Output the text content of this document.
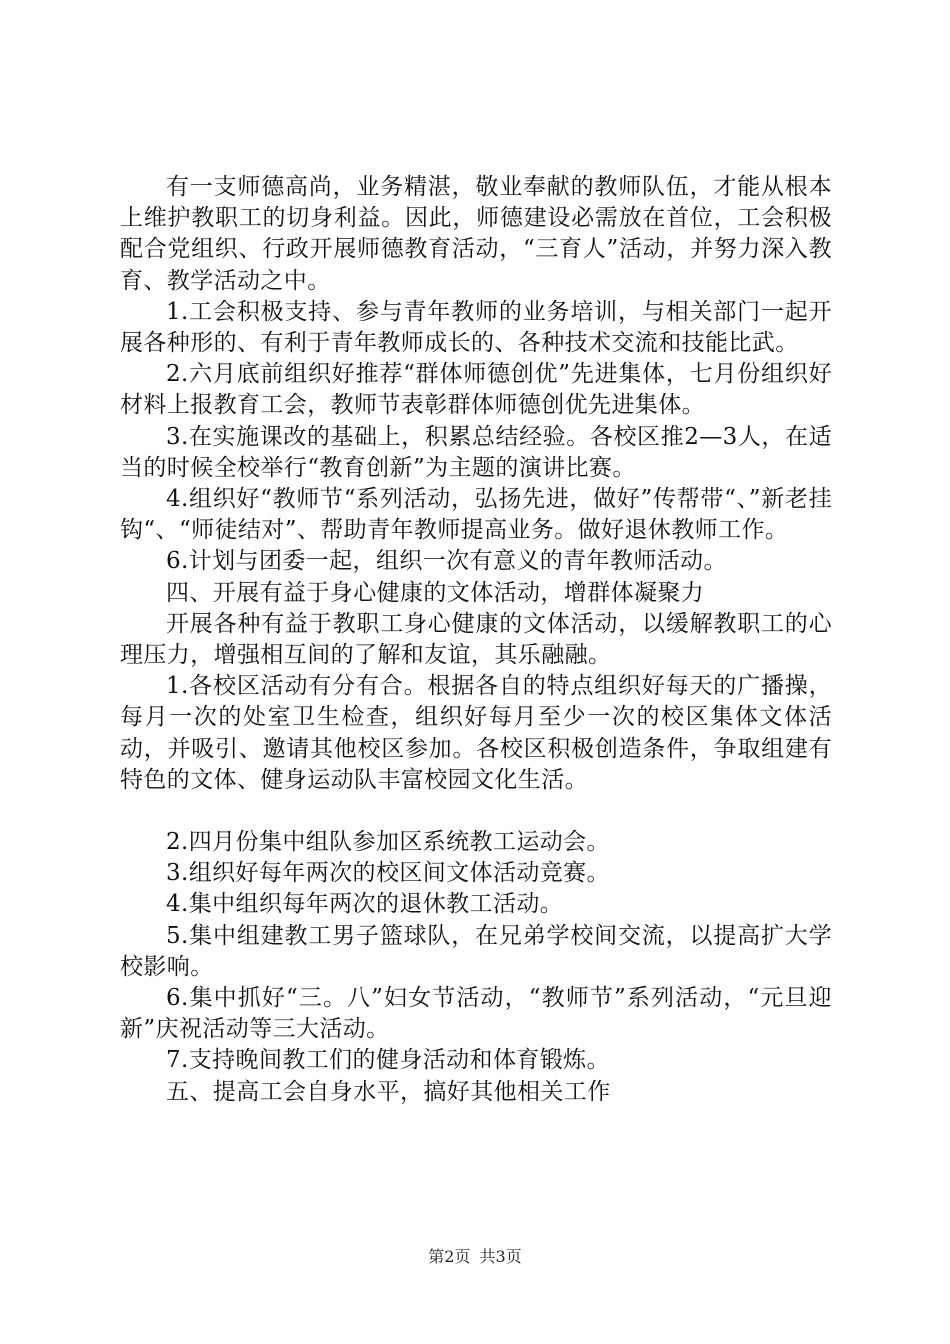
有一支师德高尚，业务精湛，敬业奉献的教师队伍，才能从根本上维护教职工的切身利益。因此，师德建设必需放在首位，工会积极配合党组织、行政开展师德教育活动，“三育人”活动，并努力深入教育、教学活动之中。

1.工会积极支持、参与青年教师的业务培训，与相关部门一起开展各种形的、有利于青年教师成长的、各种技术交流和技能比武。

2.六月底前组织好推荐“群体师德创优”先进集体，七月份组织好材料上报教育工会，教师节表彰群体师德创优先进集体。

3.在实施课改的基础上，积累总结经验。各校区推2—3人，在适当的时候全校举行“教育创新”为主题的演讲比赛。

4.组织好“教师节“系列活动，弘扬先进，做好”传帮带“、”新老挂钩“、“师徒结对”、帮助青年教师提高业务。做好退休教师工作。

6.计划与团委一起，组织一次有意义的青年教师活动。

四、开展有益于身心健康的文体活动，增群体凝聚力

开展各种有益于教职工身心健康的文体活动，以缓解教职工的心理压力，增强相互间的了解和友谊，其乐融融。

1.各校区活动有分有合。根据各自的特点组织好每天的广播操，每月一次的处室卫生检查，组织好每月至少一次的校区集体文体活动，并吸引、邀请其他校区参加。各校区积极创造条件，争取组建有特色的文体、健身运动队丰富校园文化生活。

2.四月份集中组队参加区系统教工运动会。

3.组织好每年两次的校区间文体活动竞赛。

4.集中组织每年两次的退休教工活动。

5.集中组建教工男子篮球队，在兄弟学校间交流，以提高扩大学校影响。

6.集中抓好“三。八”妇女节活动，“教师节”系列活动，“元旦迎新”庆祝活动等三大活动。

7.支持晚间教工们的健身活动和体育锻炼。

五、提高工会自身水平，搞好其他相关工作

第2页 共3页
